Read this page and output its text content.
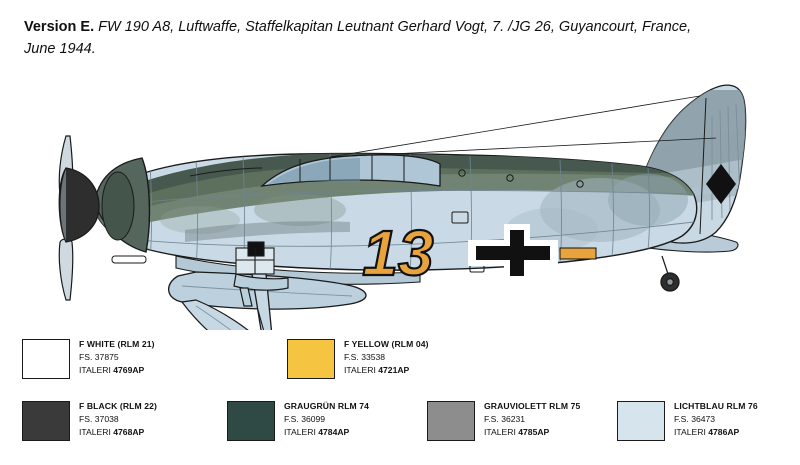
Version E. FW 190 A8, Luftwaffe, Staffelkapitan Leutnant Gerhard Vogt, 7. /JG 26, Guyancourt, France, June 1944.
13
F WHITE (RLM 21)
FS. 37875
ITALERI 4769AP
F YELLOW (RLM 04)
F.S. 33538
ITALERI 4721AP
F BLACK (RLM 22)
FS. 37038
ITALERI 4768AP
GRAUGRÜN RLM 74
F.S. 36099
ITALERI 4784AP
GRAUVIOLETT RLM 75
F.S. 36231
ITALERI 4785AP
LICHTBLAU RLM 76
F.S. 36473
ITALERI 4786AP
